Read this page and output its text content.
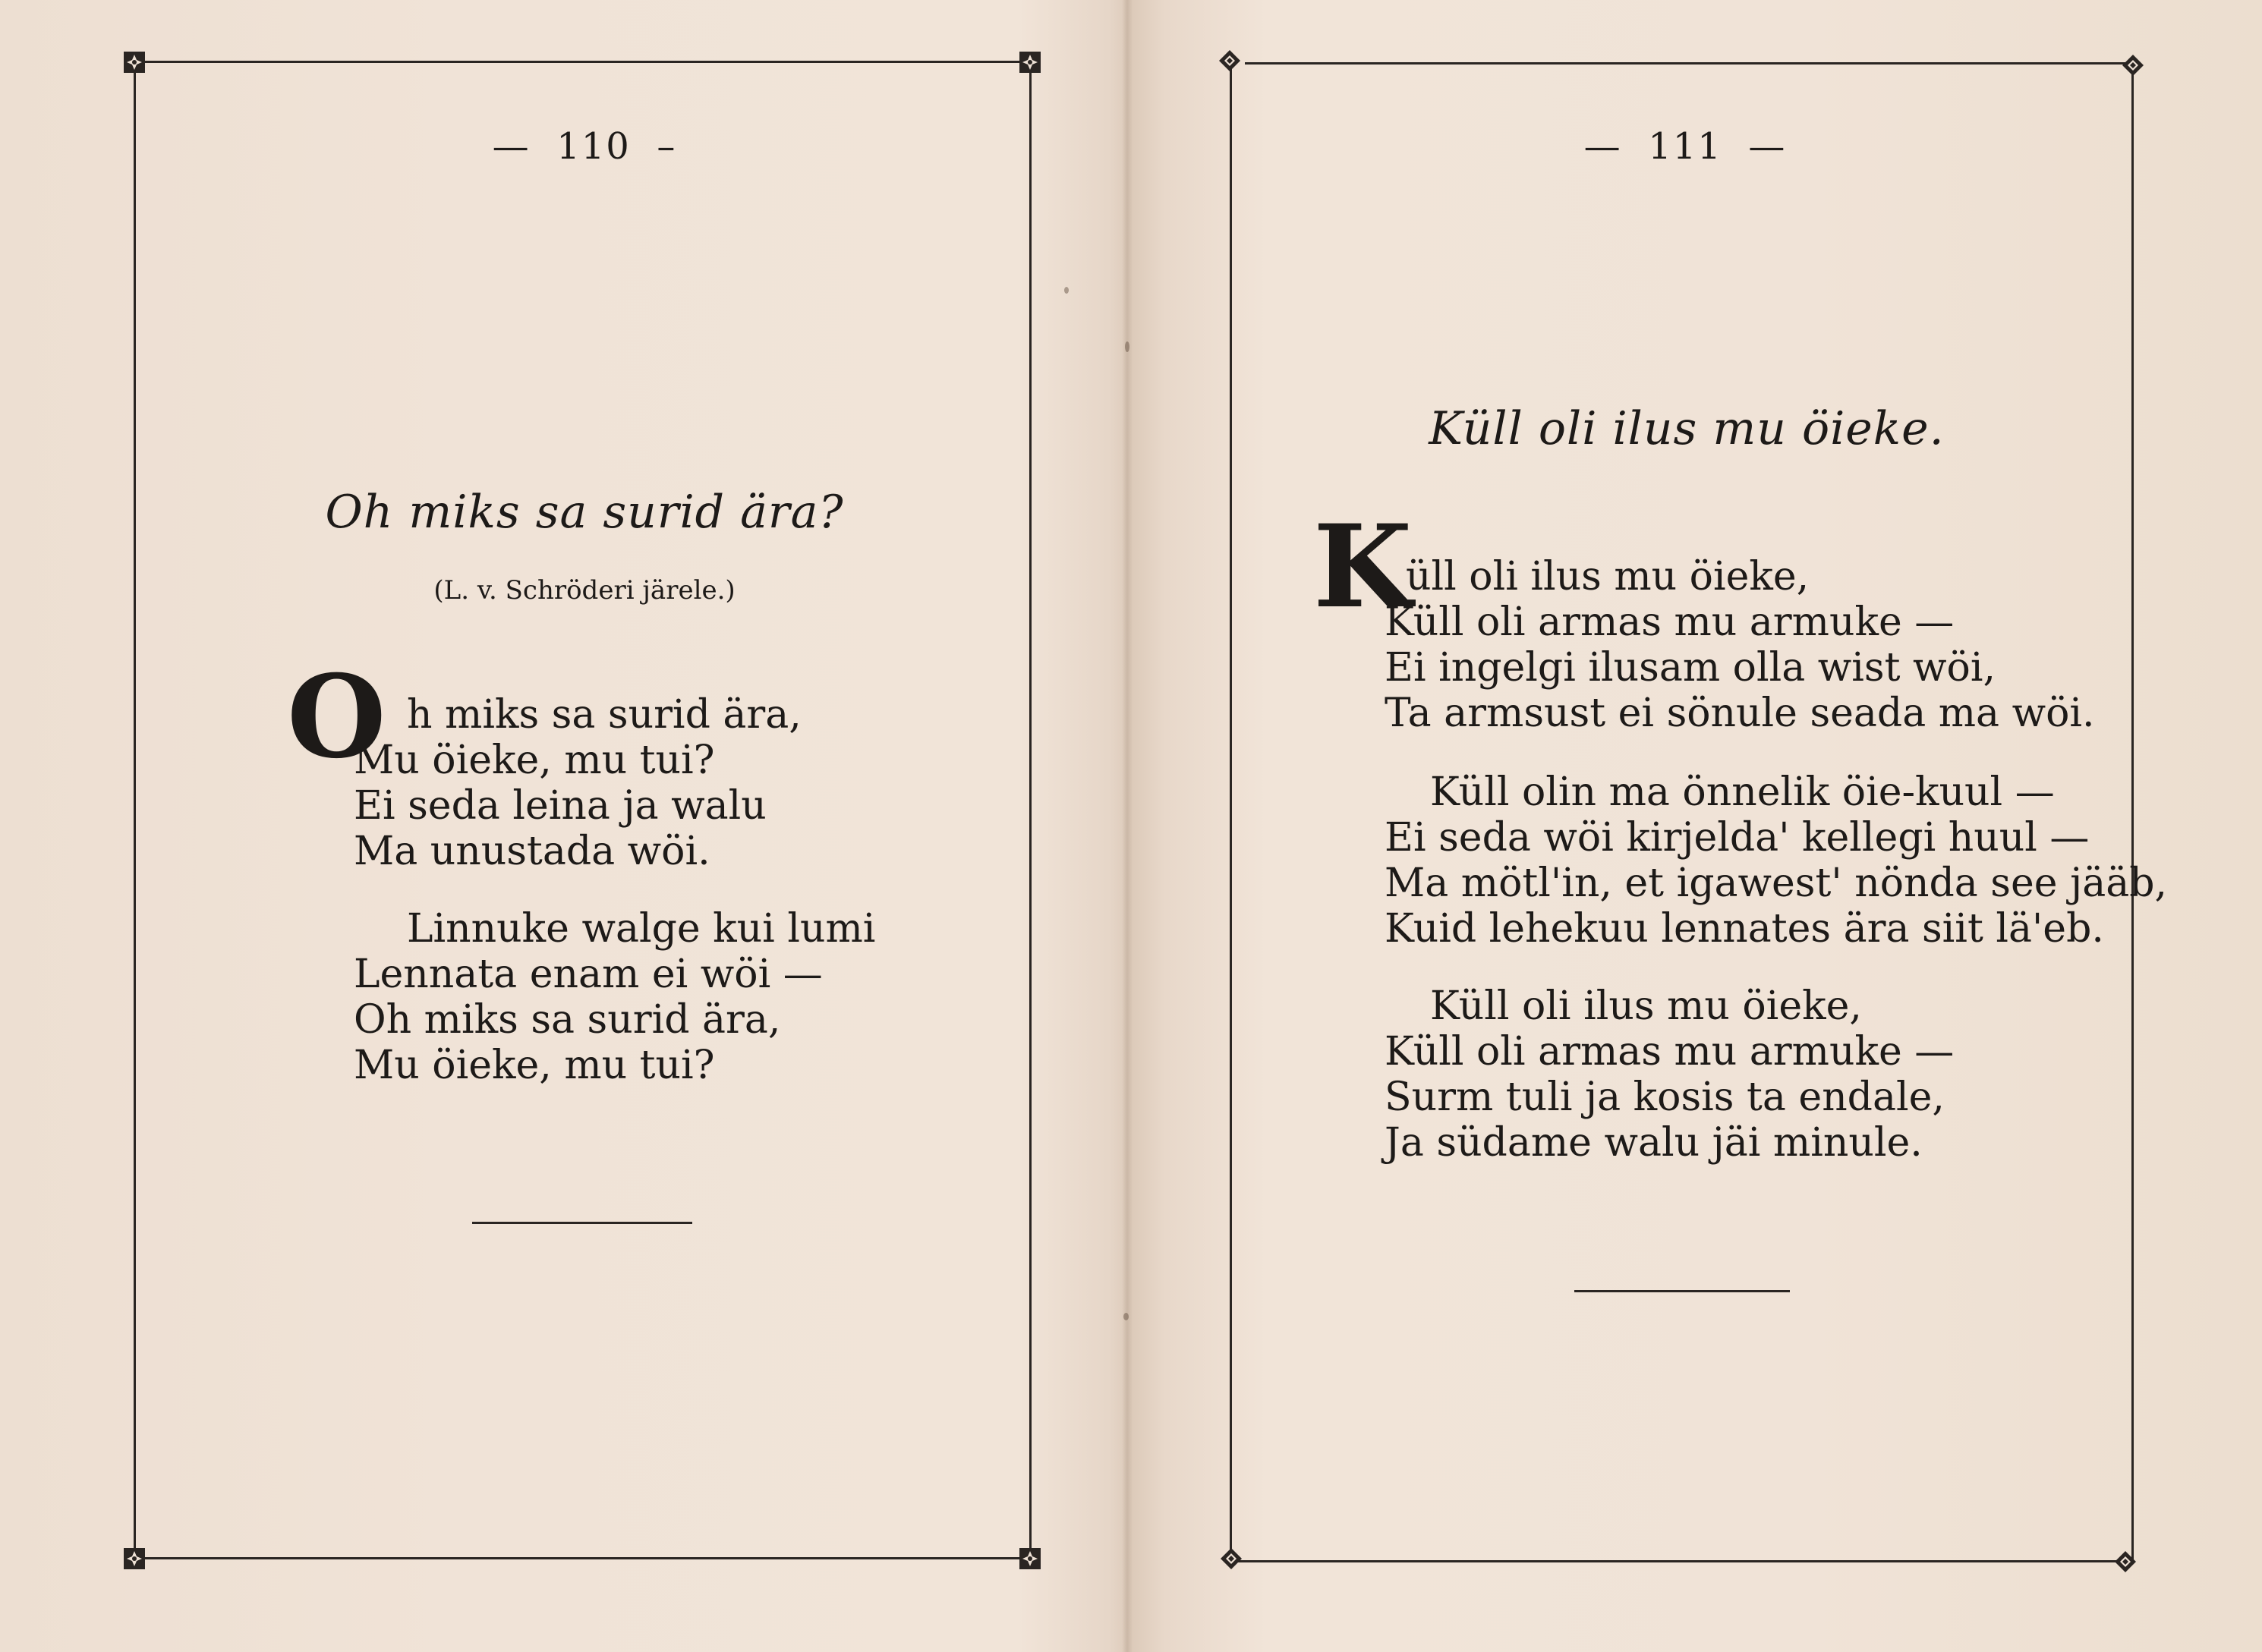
—  110  –
Oh miks sa surid ära?
(L. v. Schröderi järele.)
O h miks sa surid ära,
Mu öieke, mu tui?
Ei seda leina ja walu
Ma unustada wöi.
Linnuke walge kui lumi
Lennata enam ei wöi —
Oh miks sa surid ära,
Mu öieke, mu tui?
—  111  —
Küll oli ilus mu öieke.
K
üll oli ilus mu öieke,
Küll oli armas mu armuke —
Ei ingelgi ilusam olla wist wöi,
Ta armsust ei sönule seada ma wöi.
Küll olin ma önnelik öie-kuul —
Ei seda wöi kirjelda' kellegi huul —
Ma mötl'in, et igawest' nönda see jääb,
Kuid lehekuu lennates ära siit lä'eb.
Küll oli ilus mu öieke,
Küll oli armas mu armuke —
Surm tuli ja kosis ta endale,
Ja südame walu jäi minule.
